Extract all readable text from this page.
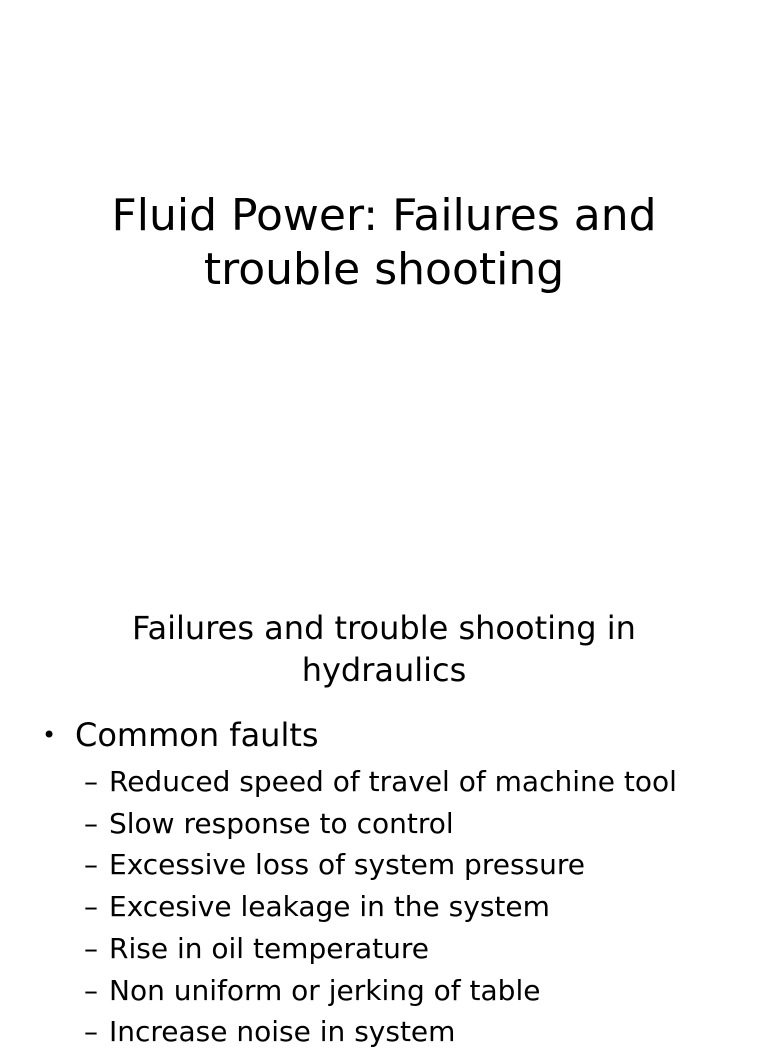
Fluid Power: Failures and
trouble shooting
Failures and trouble shooting in
hydraulics
• Common faults
– Reduced speed of travel of machine tool
– Slow response to control
– Excessive loss of system pressure
– Excesive leakage in the system
– Rise in oil temperature
– Non uniform or jerking of table
– Increase noise in system
